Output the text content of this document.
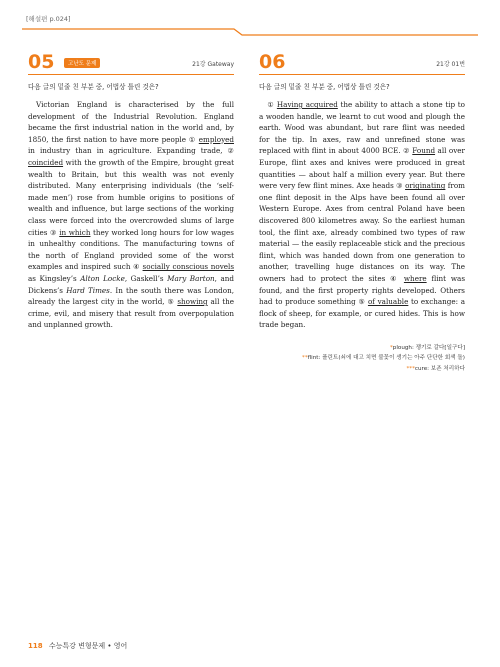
[해설편 p.024]
05	고난도 문제	21강 Gateway
다음 글의 밑줄 친 부분 중, 어법상 틀린 것은?

Victorian England is characterised by the full development of the Industrial Revolution. England became the first industrial nation in the world and, by 1850, the first nation to have more people ① employed in industry than in agriculture. Expanding trade, ② coincided with the growth of the Empire, brought great wealth to Britain, but this wealth was not evenly distributed. Many enterprising individuals (the ‘self-made men’) rose from humble origins to positions of wealth and influence, but large sections of the working class were forced into the overcrowded slums of large cities ③ in which they worked long hours for low wages in unhealthy conditions. The manufacturing towns of the north of England provided some of the worst examples and inspired such ④ socially conscious novels as Kingsley’s Alton Locke, Gaskell’s Mary Barton, and Dickens’s Hard Times. In the south there was London, already the largest city in the world, ⑤ showing all the crime, evil, and misery that result from overpopulation and unplanned growth.

06	21강 01번
다음 글의 밑줄 친 부분 중, 어법상 틀린 것은?

① Having acquired the ability to attach a stone tip to a wooden handle, we learnt to cut wood and plough the earth. Wood was abundant, but rare flint was needed for the tip. In axes, raw and unrefined stone was replaced with flint in about 4000 BCE. ② Found all over Europe, flint axes and knives were produced in great quantities — about half a million every year. But there were very few flint mines. Axe heads ③ originating from one flint deposit in the Alps have been found all over Western Europe. Axes from central Poland have been discovered 800 kilometres away. So the earliest human tool, the flint axe, already combined two types of raw material — the easily replaceable stick and the precious flint, which was handed down from one generation to another, travelling huge distances on its way. The owners had to protect the sites ④ where flint was found, and the first property rights developed. Others had to produce something ⑤ of valuable to exchange: a flock of sheep, for example, or cured hides. This is how trade began.

*plough: 쟁기로 갈다[일구다]
**flint: 플린트(쇠에 대고 치면 불꽃이 생기는 아주 단단한 회색 돌)
***cure: 보존 처리하다
118 수능특강 변형문제 • 영어
